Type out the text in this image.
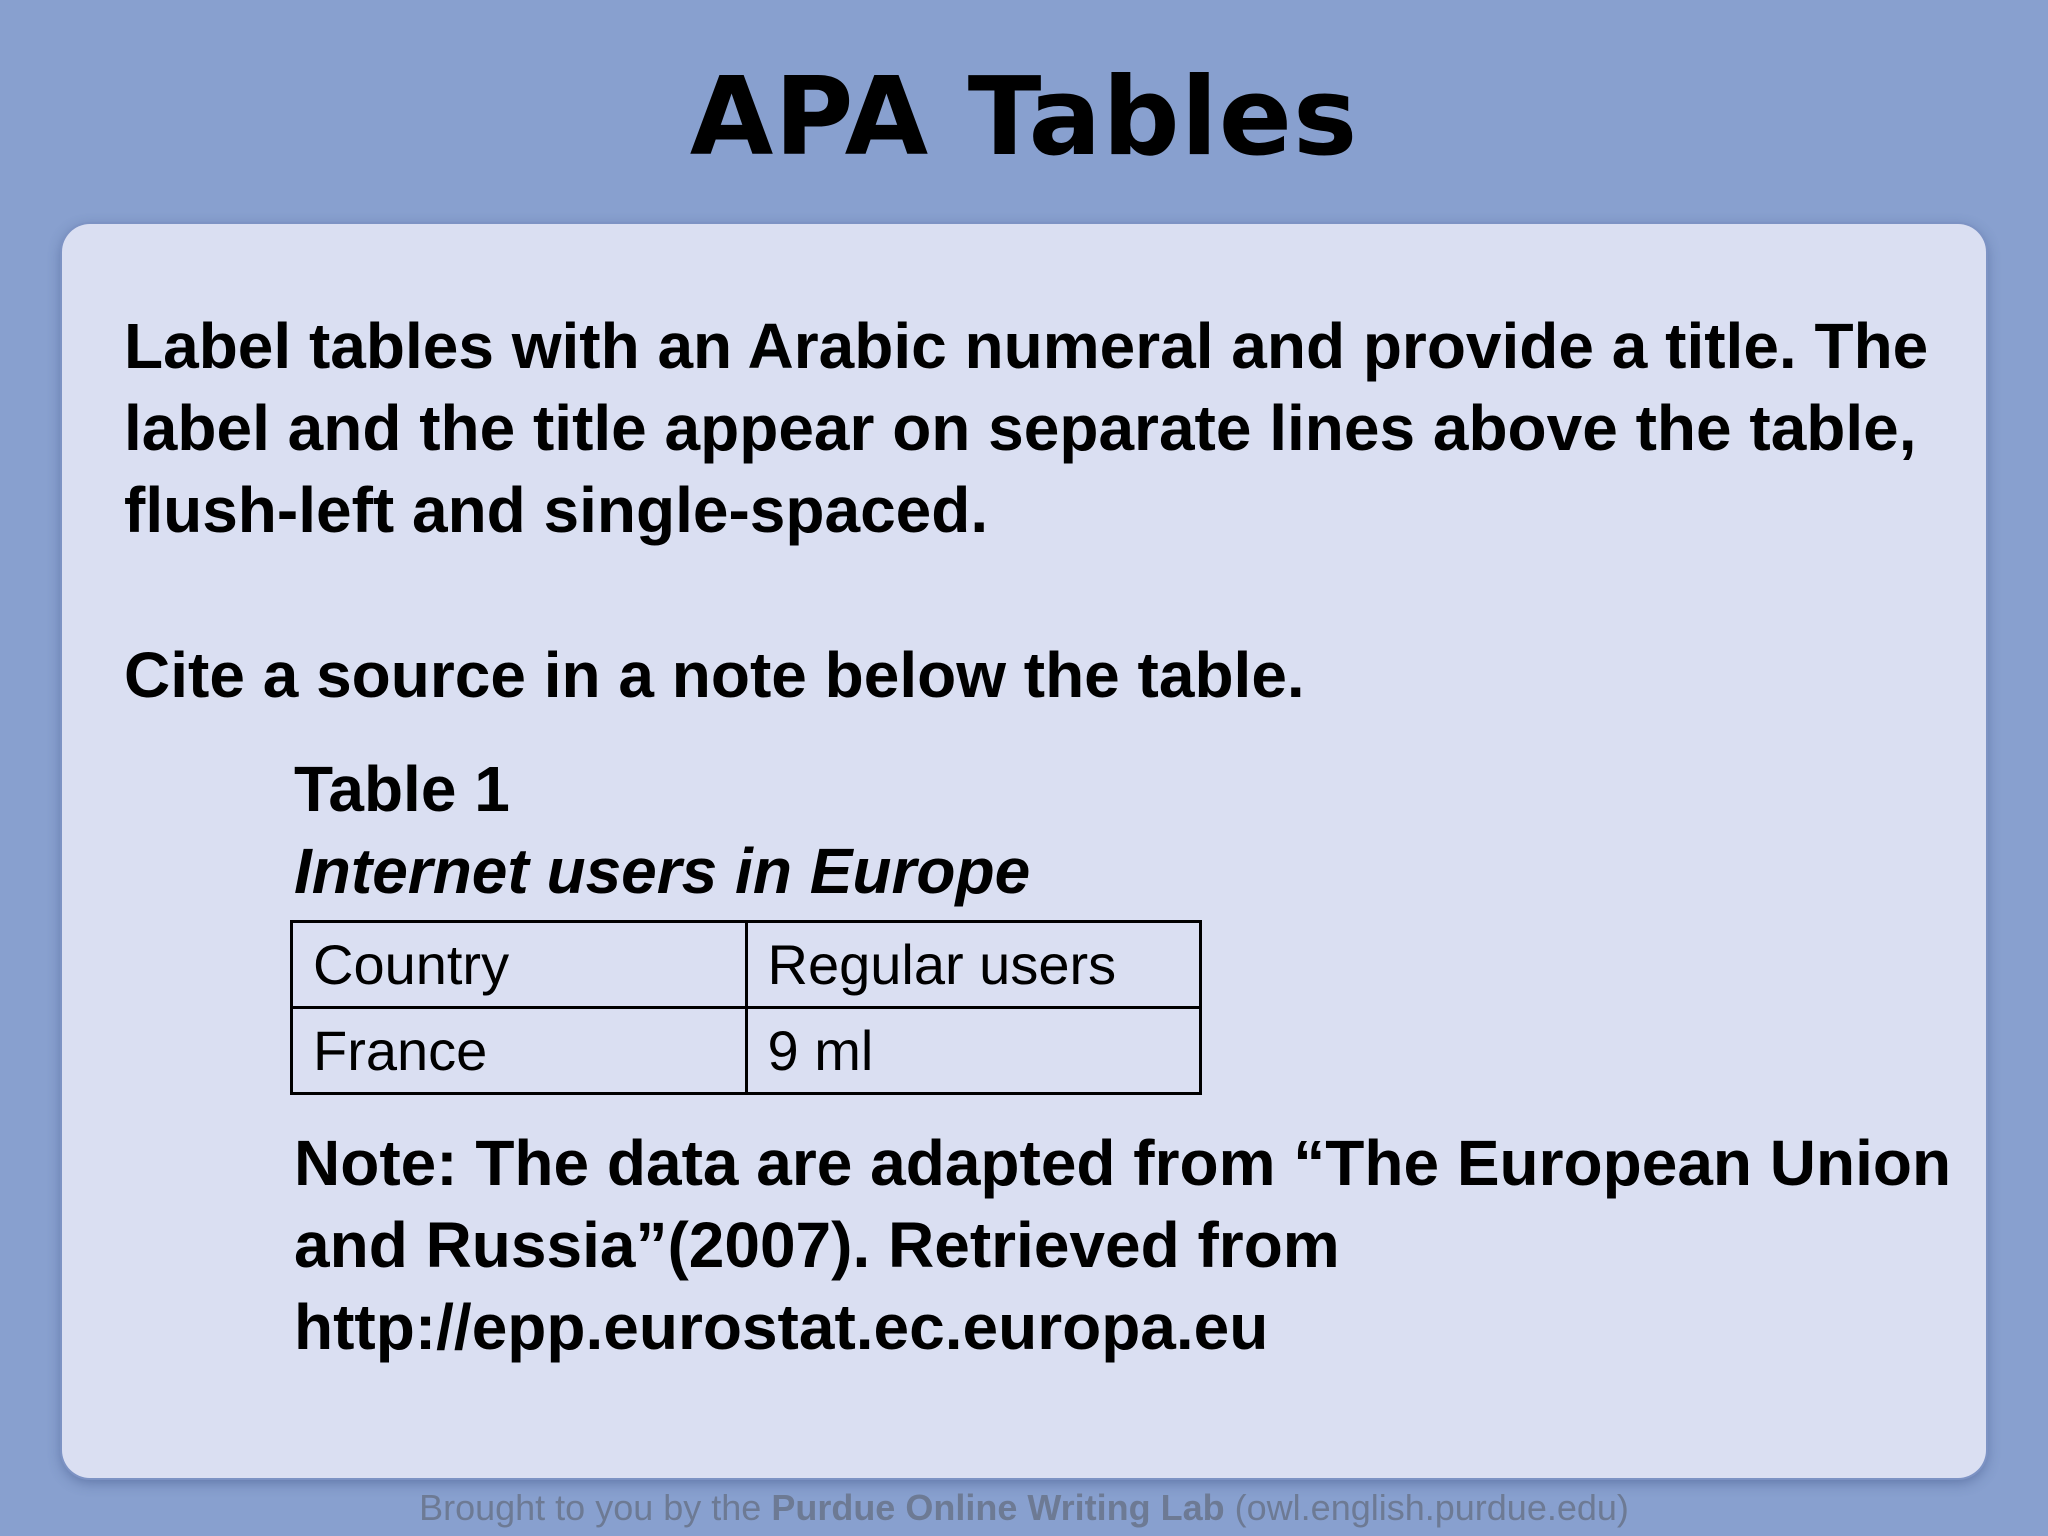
APA Tables

Label tables with an Arabic numeral and provide a title. The label and the title appear on separate lines above the table, flush-left and single-spaced.

Cite a source in a note below the table.

Table 1
Internet users in Europe
Country	Regular users
France	9 ml

Note: The data are adapted from “The European Union and Russia”(2007). Retrieved from http://epp.eurostat.ec.europa.eu

Brought to you by the Purdue Online Writing Lab (owl.english.purdue.edu)
